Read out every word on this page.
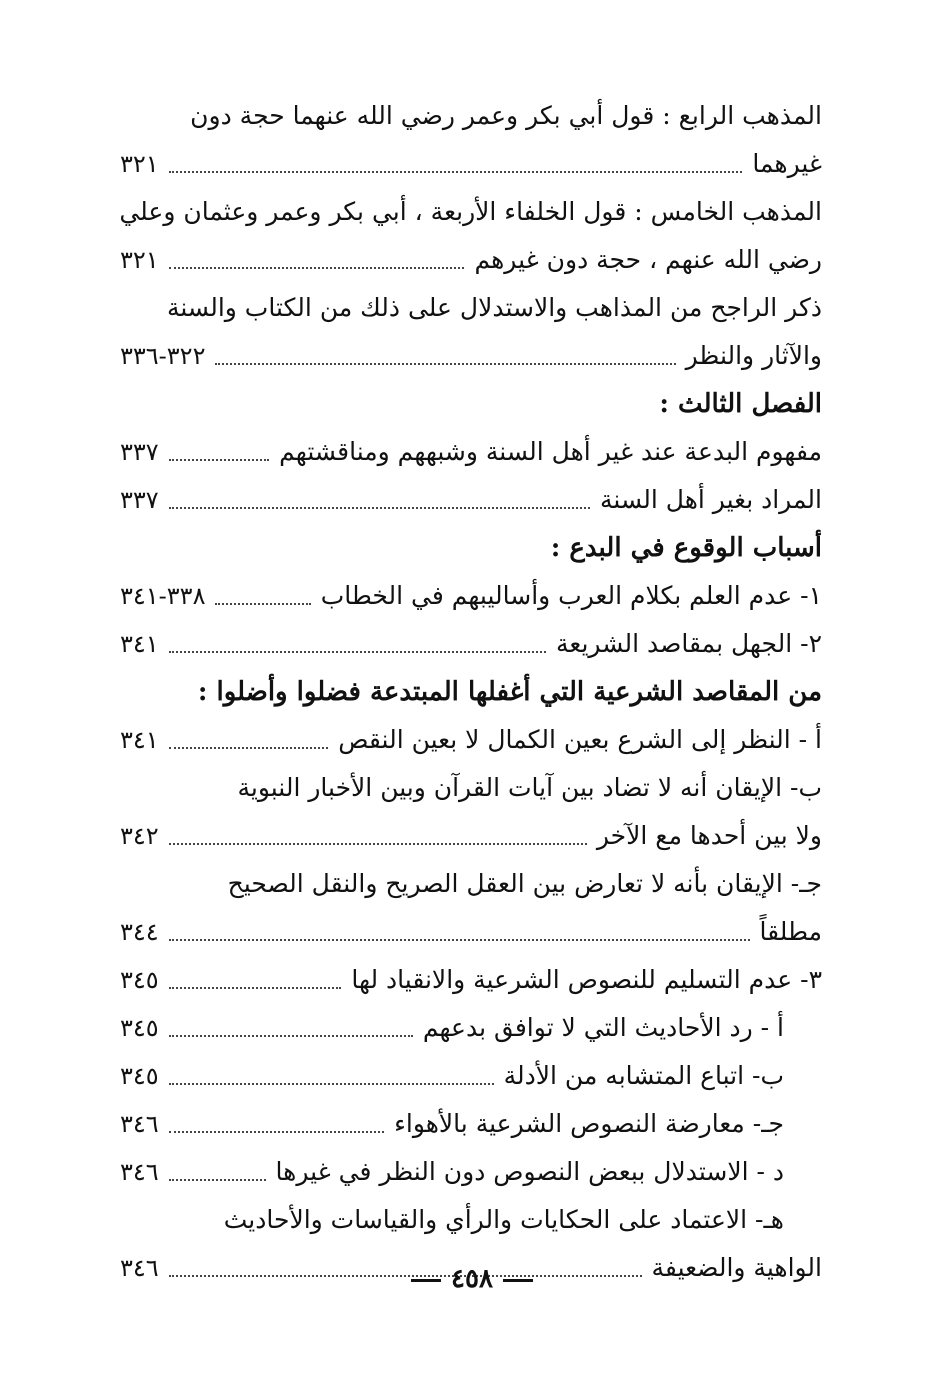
المذهب الرابع : قول أبي بكر وعمر رضي الله عنهما حجة دون
غيرهما
٣٢١
المذهب الخامس : قول الخلفاء الأربعة ، أبي بكر وعمر وعثمان وعلي
رضي الله عنهم ، حجة دون غيرهم
٣٢١
ذكر الراجح من المذاهب والاستدلال على ذلك من الكتاب والسنة
والآثار والنظر
٣٢٢-٣٣٦
الفصل الثالث :
مفهوم البدعة عند غير أهل السنة وشبههم ومناقشتهم
٣٣٧
المراد بغير أهل السنة
٣٣٧
أسباب الوقوع في البدع :
١- عدم العلم بكلام العرب وأساليبهم في الخطاب
٣٣٨-٣٤١
٢- الجهل بمقاصد الشريعة
٣٤١
من المقاصد الشرعية التي أغفلها المبتدعة فضلوا وأضلوا :
أ - النظر إلى الشرع بعين الكمال لا بعين النقص
٣٤١
ب- الإيقان أنه لا تضاد بين آيات القرآن وبين الأخبار النبوية
ولا بين أحدها مع الآخر
٣٤٢
جـ- الإيقان بأنه لا تعارض بين العقل الصريح والنقل الصحيح
مطلقاً
٣٤٤
٣- عدم التسليم للنصوص الشرعية والانقياد لها
٣٤٥
أ - رد الأحاديث التي لا توافق بدعهم
٣٤٥
ب- اتباع المتشابه من الأدلة
٣٤٥
جـ- معارضة النصوص الشرعية بالأهواء
٣٤٦
د - الاستدلال ببعض النصوص دون النظر في غيرها
٣٤٦
هـ- الاعتماد على الحكايات والرأي والقياسات والأحاديث
الواهية والضعيفة
٣٤٦	٤٥٨
